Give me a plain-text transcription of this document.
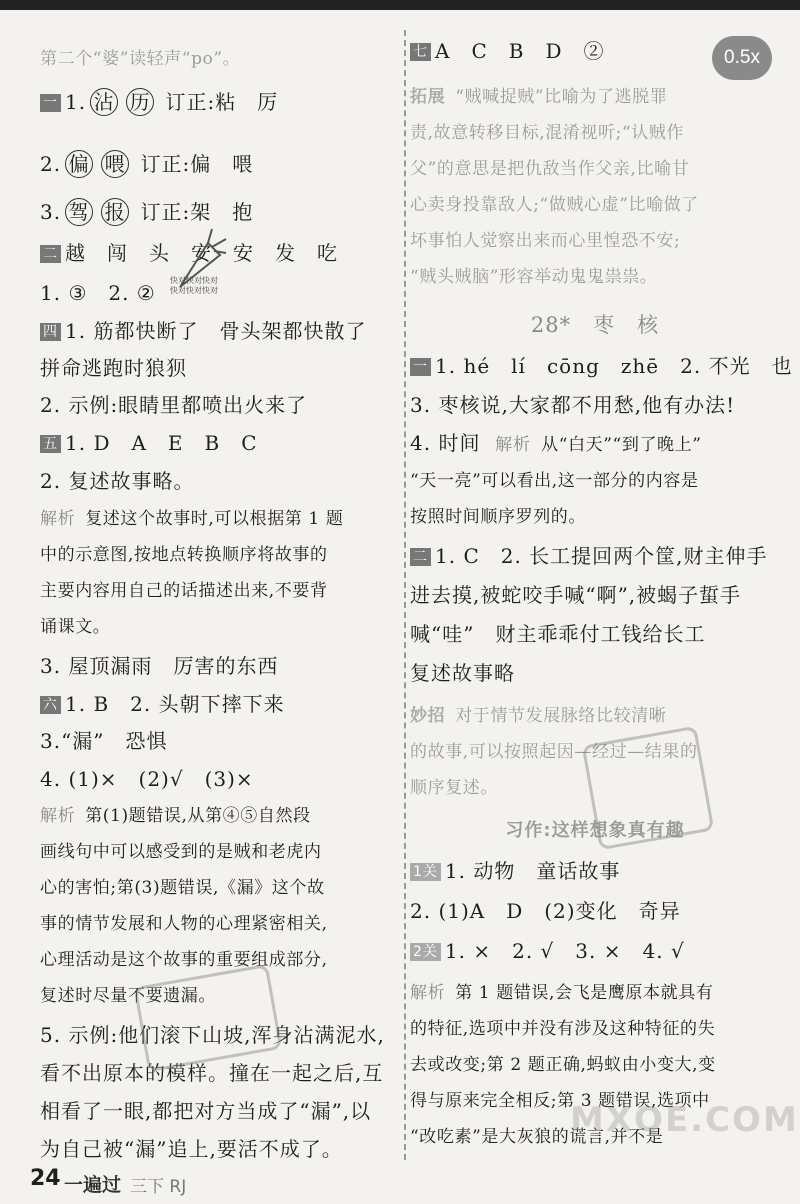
0.5x
第二个“婆”读轻声“po”。
一 1. 沾 历 订正:粘　厉
2. 偏 喂 订正:偏　喂
3. 驾 报 订正:架　抱
二 越　闯　头　安　安　发　吃
1. ③　2. ②
四 1. 筋都快断了　骨头架都快散了
拼命逃跑时狼狈
2. 示例:眼睛里都喷出火来了
五 1. D　A　E　B　C
2. 复述故事略。
解析 复述这个故事时,可以根据第 1 题
中的示意图,按地点转换顺序将故事的
主要内容用自己的话描述出来,不要背
诵课文。
3. 屋顶漏雨　厉害的东西
六 1. B　2. 头朝下摔下来
3.“漏”　恐惧
4. (1)×　(2)√　(3)×
解析 第(1)题错误,从第④⑤自然段
画线句中可以感受到的是贼和老虎内
心的害怕;第(3)题错误,《漏》这个故
事的情节发展和人物的心理紧密相关,
心理活动是这个故事的重要组成部分,
复述时尽量不要遗漏。
5. 示例:他们滚下山坡,浑身沾满泥水,
看不出原本的模样。撞在一起之后,互
相看了一眼,都把对方当成了“漏”,以
为自己被“漏”追上,要活不成了。
快对快对快对
快对快对快对
七 A　C　B　D　②
拓展 “贼喊捉贼”比喻为了逃脱罪
责,故意转移目标,混淆视听;“认贼作
父”的意思是把仇敌当作父亲,比喻甘
心卖身投靠敌人;“做贼心虚”比喻做了
坏事怕人觉察出来而心里惶恐不安;
“贼头贼脑”形容举动鬼鬼祟祟。
28*　枣　核
一 1. hé　lí　cōng　zhē　2. 不光　也
3. 枣核说,大家都不用愁,他有办法!
4. 时间 解析 从“白天”“到了晚上”
“天一亮”可以看出,这一部分的内容是
按照时间顺序罗列的。
二 1. C　2. 长工提回两个筐,财主伸手
进去摸,被蛇咬手喊“啊”,被蝎子蜇手
喊“哇”　财主乖乖付工钱给长工
复述故事略
妙招 对于情节发展脉络比较清晰
的故事,可以按照起因—经过—结果的
顺序复述。
习作:这样想象真有趣
1关 1. 动物　童话故事
2. (1)A　D　(2)变化　奇异
2关 1. ×　2. √　3. ×　4. √
解析 第 1 题错误,会飞是鹰原本就具有
的特征,选项中并没有涉及这种特征的失
去或改变;第 2 题正确,蚂蚁由小变大,变
得与原来完全相反;第 3 题错误,选项中
“改吃素”是大灰狼的谎言,并不是
MXQE.COM
24 一遍过 三下 RJ
